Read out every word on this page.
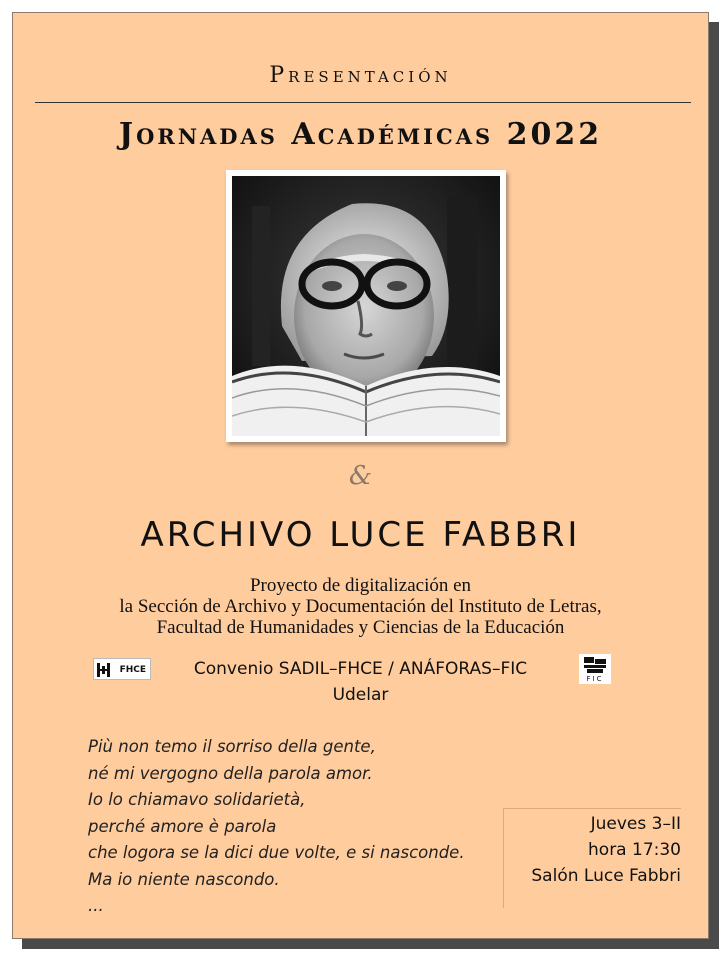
Presentación
Jornadas Académicas 2022
&
ARCHIVO LUCE FABBRI
Proyecto de digitalización en
la Sección de Archivo y Documentación del Instituto de Letras,
Facultad de Humanidades y Ciencias de la Educación
FHCE	Convenio SADIL–FHCE / ANÁFORAS–FIC	FIC
Udelar
Più non temo il sorriso della gente,
né mi vergogno della parola amor.
Io lo chiamavo solidarietà,
perché amore è parola
che logora se la dici due volte, e si nasconde.
Ma io niente nascondo.
...
Jueves 3–II
hora 17:30
Salón Luce Fabbri
